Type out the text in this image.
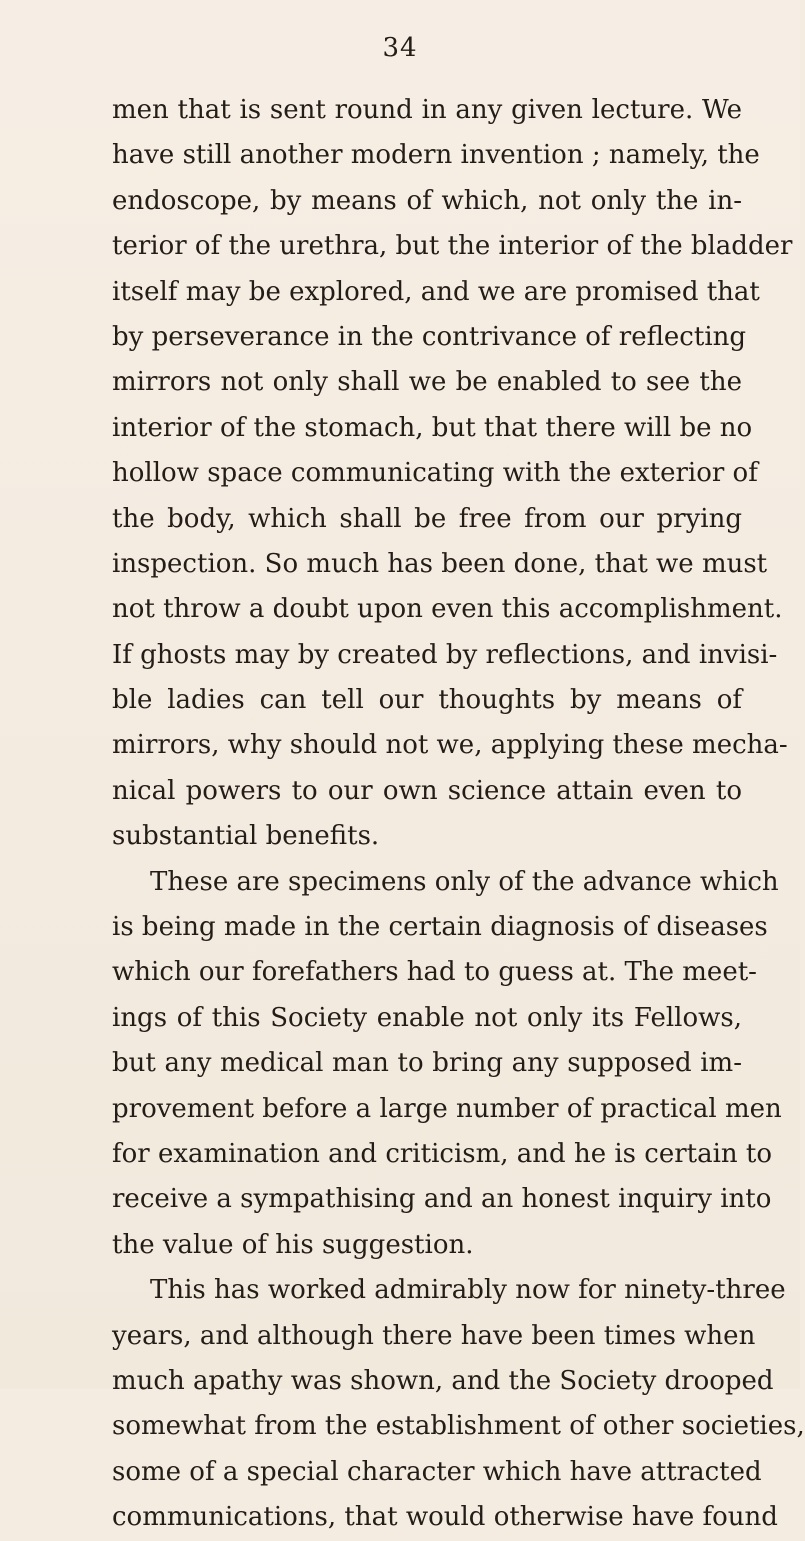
34
men that is sent round in any given lecture. We
have still another modern invention ; namely, the
endoscope, by means of which, not only the in-
terior of the urethra, but the interior of the bladder
itself may be explored, and we are promised that
by perseverance in the contrivance of reflecting
mirrors not only shall we be enabled to see the
interior of the stomach, but that there will be no
hollow space communicating with the exterior of
the body, which shall be free from our prying
inspection. So much has been done, that we must
not throw a doubt upon even this accomplishment.
If ghosts may by created by reflections, and invisi-
ble ladies can tell our thoughts by means of
mirrors, why should not we, applying these mecha-
nical powers to our own science attain even to
substantial benefits.
These are specimens only of the advance which
is being made in the certain diagnosis of diseases
which our forefathers had to guess at. The meet-
ings of this Society enable not only its Fellows,
but any medical man to bring any supposed im-
provement before a large number of practical men
for examination and criticism, and he is certain to
receive a sympathising and an honest inquiry into
the value of his suggestion.
This has worked admirably now for ninety-three
years, and although there have been times when
much apathy was shown, and the Society drooped
somewhat from the establishment of other societies,
some of a special character which have attracted
communications, that would otherwise have found
